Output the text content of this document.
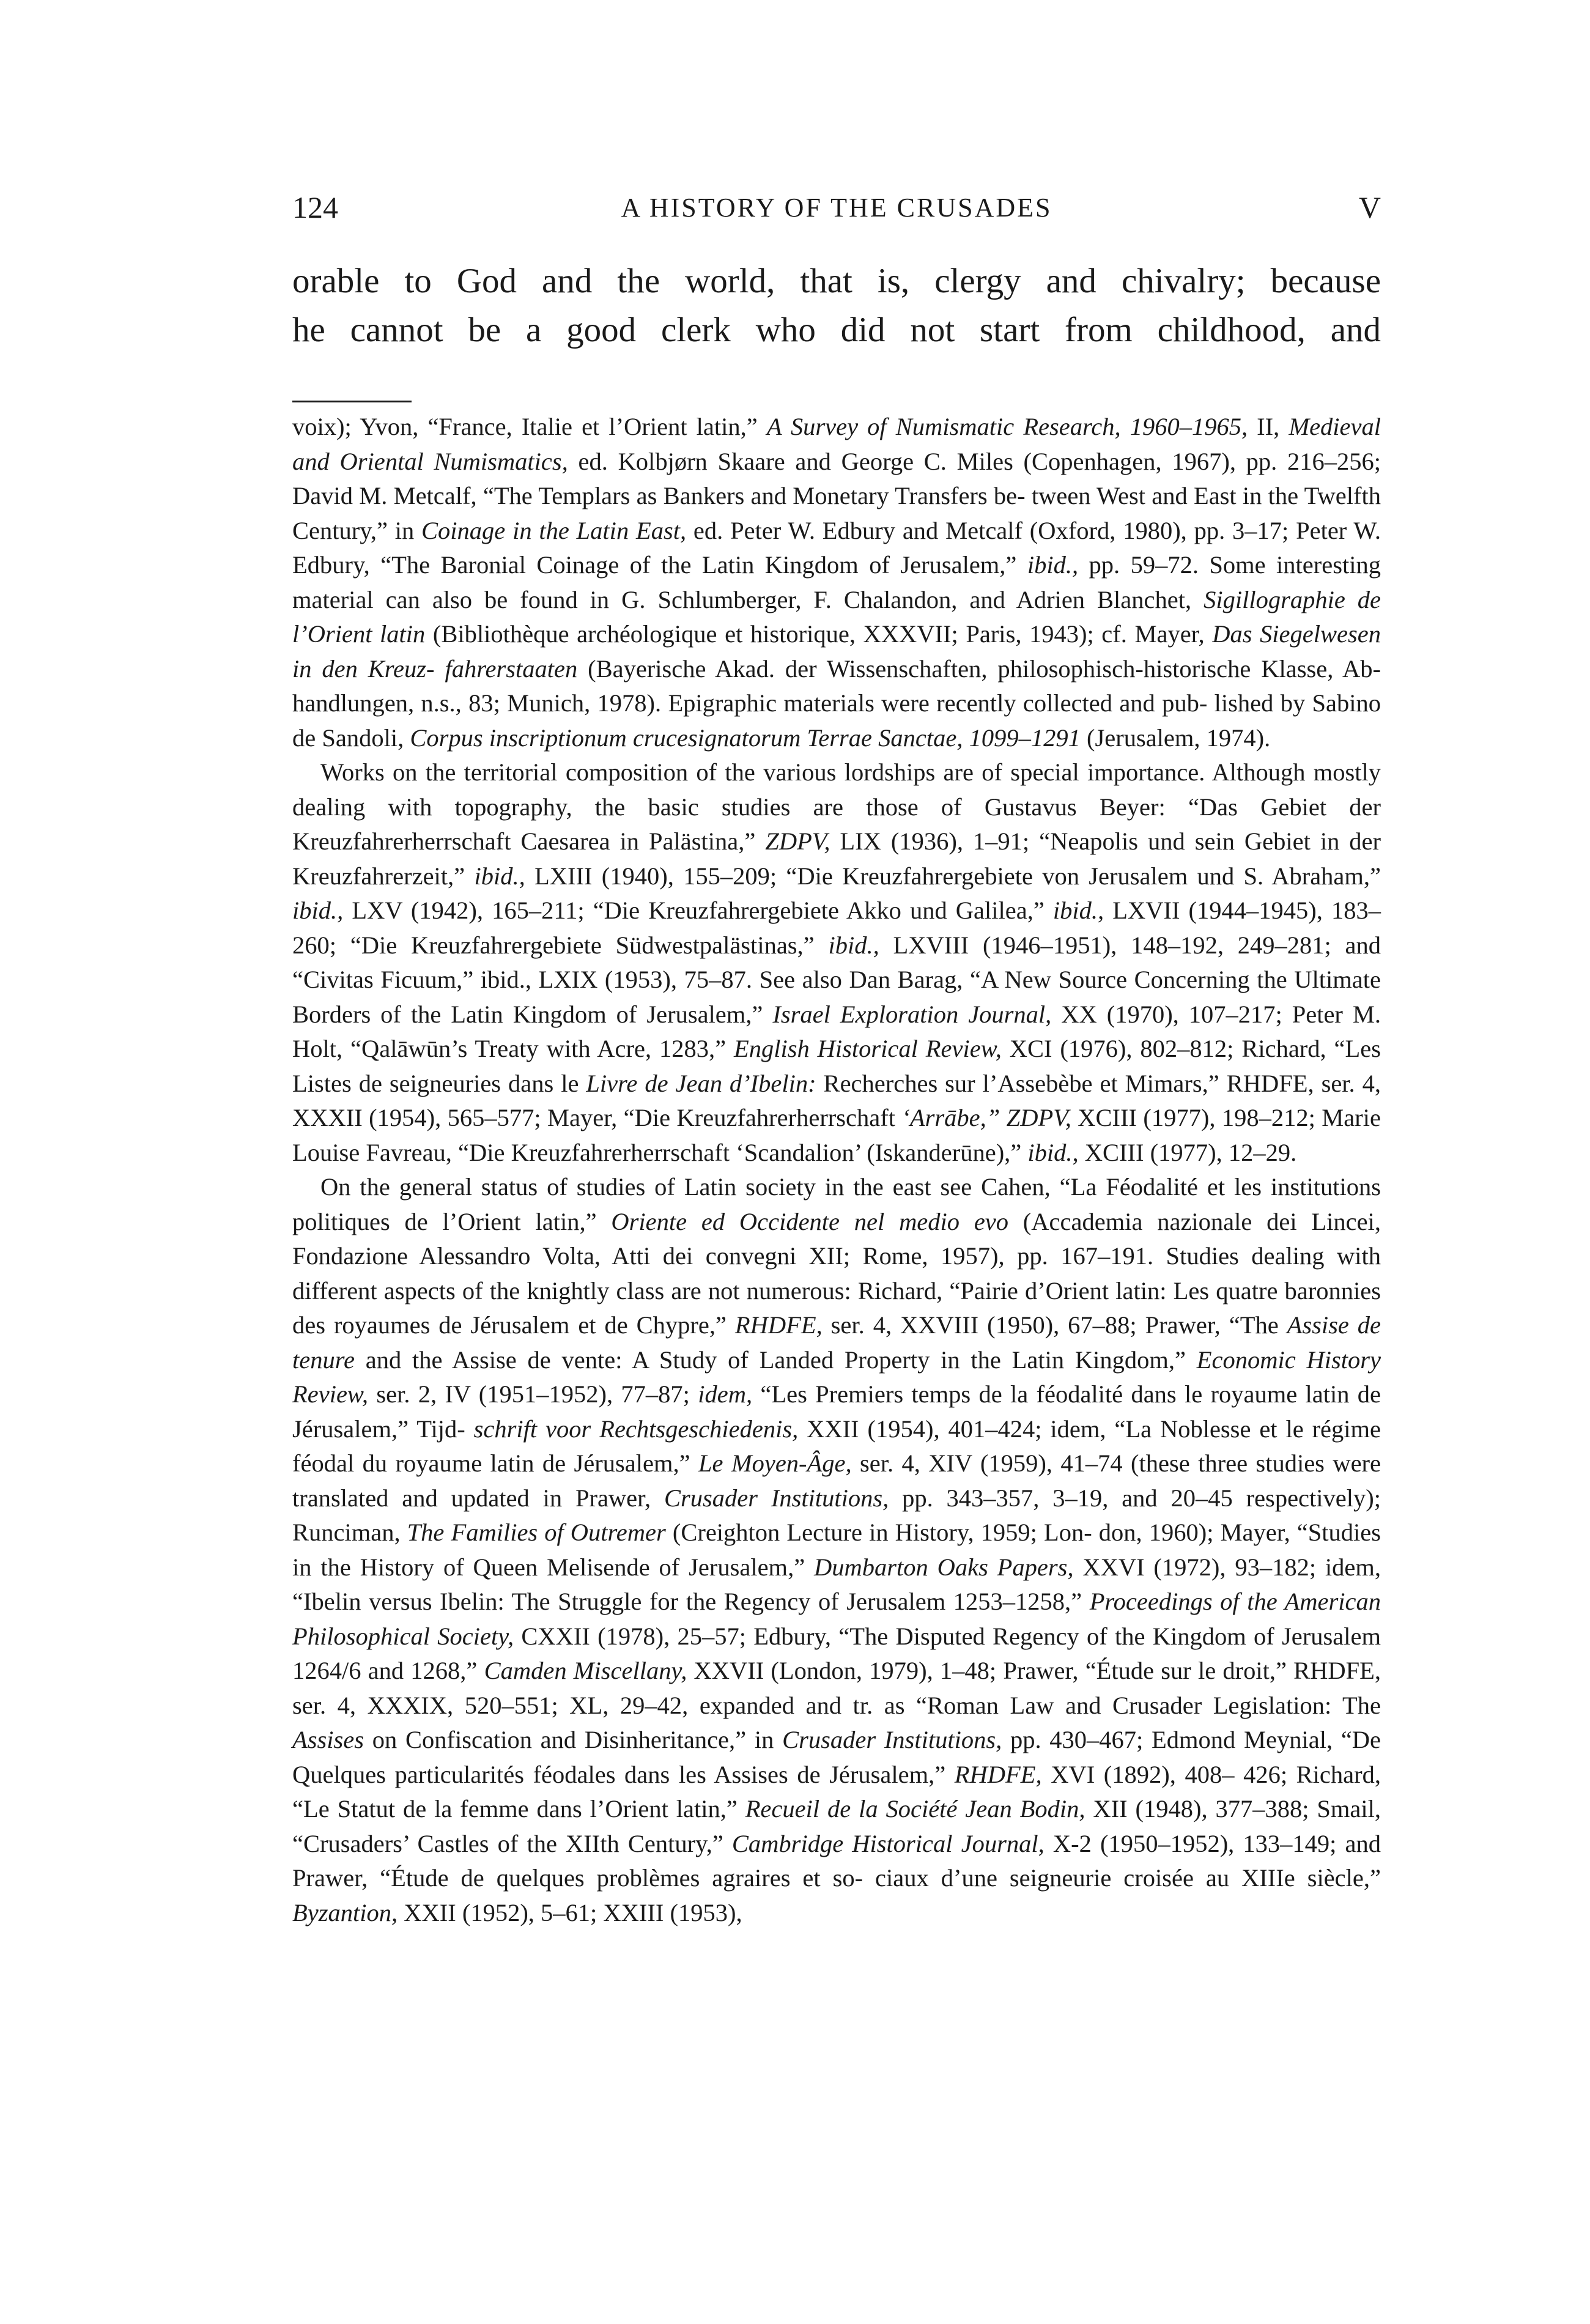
124	A HISTORY OF THE CRUSADES	V
orable to God and the world, that is, clergy and chivalry; because
he cannot be a good clerk who did not start from childhood, and

voix); Yvon, “France, Italie et l’Orient latin,” A Survey of Numismatic Research, 1960–1965, II, Medieval and Oriental Numismatics, ed. Kolbjørn Skaare and George C. Miles (Copenhagen, 1967), pp. 216–256; David M. Metcalf, “The Templars as Bankers and Monetary Transfers be- tween West and East in the Twelfth Century,” in Coinage in the Latin East, ed. Peter W. Edbury and Metcalf (Oxford, 1980), pp. 3–17; Peter W. Edbury, “The Baronial Coinage of the Latin Kingdom of Jerusalem,” ibid., pp. 59–72. Some interesting material can also be found in G. Schlumberger, F. Chalandon, and Adrien Blanchet, Sigillographie de l’Orient latin (Bibliothèque archéologique et historique, XXXVII; Paris, 1943); cf. Mayer, Das Siegelwesen in den Kreuz- fahrerstaaten (Bayerische Akad. der Wissenschaften, philosophisch-historische Klasse, Ab- handlungen, n.s., 83; Munich, 1978). Epigraphic materials were recently collected and pub- lished by Sabino de Sandoli, Corpus inscriptionum crucesignatorum Terrae Sanctae, 1099–1291 (Jerusalem, 1974).

Works on the territorial composition of the various lordships are of special importance. Although mostly dealing with topography, the basic studies are those of Gustavus Beyer: “Das Gebiet der Kreuzfahrerherrschaft Caesarea in Palästina,” ZDPV, LIX (1936), 1–91; “Neapolis und sein Gebiet in der Kreuzfahrerzeit,” ibid., LXIII (1940), 155–209; “Die Kreuzfahrergebiete von Jerusalem und S. Abraham,” ibid., LXV (1942), 165–211; “Die Kreuzfahrergebiete Akko und Galilea,” ibid., LXVII (1944–1945), 183–260; “Die Kreuzfahrergebiete Südwestpalästinas,” ibid., LXVIII (1946–1951), 148–192, 249–281; and “Civitas Ficuum,” ibid., LXIX (1953), 75–87. See also Dan Barag, “A New Source Concerning the Ultimate Borders of the Latin Kingdom of Jerusalem,” Israel Exploration Journal, XX (1970), 107–217; Peter M. Holt, “Qalāwūn’s Treaty with Acre, 1283,” English Historical Review, XCI (1976), 802–812; Richard, “Les Listes de seigneuries dans le Livre de Jean d’Ibelin: Recherches sur l’Assebèbe et Mimars,” RHDFE, ser. 4, XXXII (1954), 565–577; Mayer, “Die Kreuzfahrerherrschaft ‘Arrābe,” ZDPV, XCIII (1977), 198–212; Marie Louise Favreau, “Die Kreuzfahrerherrschaft ‘Scandalion’ (Iskanderūne),” ibid., XCIII (1977), 12–29.

On the general status of studies of Latin society in the east see Cahen, “La Féodalité et les institutions politiques de l’Orient latin,” Oriente ed Occidente nel medio evo (Accademia nazionale dei Lincei, Fondazione Alessandro Volta, Atti dei convegni XII; Rome, 1957), pp. 167–191. Studies dealing with different aspects of the knightly class are not numerous: Richard, “Pairie d’Orient latin: Les quatre baronnies des royaumes de Jérusalem et de Chypre,” RHDFE, ser. 4, XXVIII (1950), 67–88; Prawer, “The Assise de tenure and the Assise de vente: A Study of Landed Property in the Latin Kingdom,” Economic History Review, ser. 2, IV (1951–1952), 77–87; idem, “Les Premiers temps de la féodalité dans le royaume latin de Jérusalem,” Tijd- schrift voor Rechtsgeschiedenis, XXII (1954), 401–424; idem, “La Noblesse et le régime féodal du royaume latin de Jérusalem,” Le Moyen-Âge, ser. 4, XIV (1959), 41–74 (these three studies were translated and updated in Prawer, Crusader Institutions, pp. 343–357, 3–19, and 20–45 respectively); Runciman, The Families of Outremer (Creighton Lecture in History, 1959; Lon- don, 1960); Mayer, “Studies in the History of Queen Melisende of Jerusalem,” Dumbarton Oaks Papers, XXVI (1972), 93–182; idem, “Ibelin versus Ibelin: The Struggle for the Regency of Jerusalem 1253–1258,” Proceedings of the American Philosophical Society, CXXII (1978), 25–57; Edbury, “The Disputed Regency of the Kingdom of Jerusalem 1264/6 and 1268,” Camden Miscellany, XXVII (London, 1979), 1–48; Prawer, “Étude sur le droit,” RHDFE, ser. 4, XXXIX, 520–551; XL, 29–42, expanded and tr. as “Roman Law and Crusader Legislation: The Assises on Confiscation and Disinheritance,” in Crusader Institutions, pp. 430–467; Edmond Meynial, “De Quelques particularités féodales dans les Assises de Jérusalem,” RHDFE, XVI (1892), 408– 426; Richard, “Le Statut de la femme dans l’Orient latin,” Recueil de la Société Jean Bodin, XII (1948), 377–388; Smail, “Crusaders’ Castles of the XIIth Century,” Cambridge Historical Journal, X-2 (1950–1952), 133–149; and Prawer, “Étude de quelques problèmes agraires et so- ciaux d’une seigneurie croisée au XIIIe siècle,” Byzantion, XXII (1952), 5–61; XXIII (1953),
